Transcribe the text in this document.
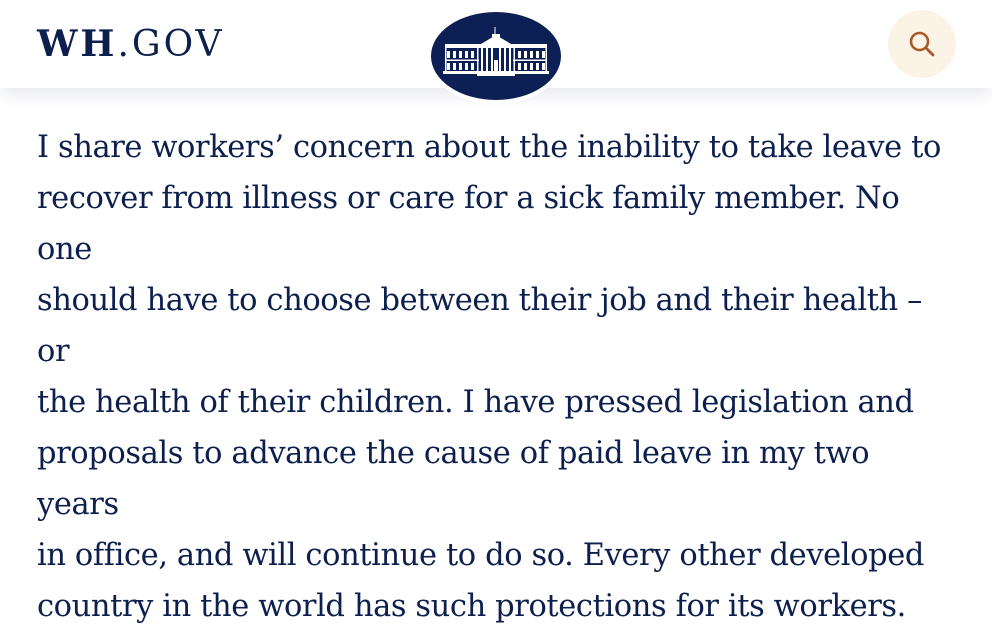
WH.GOV

I share workers’ concern about the inability to take leave to
recover from illness or care for a sick family member. No one
should have to choose between their job and their health – or
the health of their children. I have pressed legislation and
proposals to advance the cause of paid leave in my two years
in office, and will continue to do so. Every other developed
country in the world has such protections for its workers.
